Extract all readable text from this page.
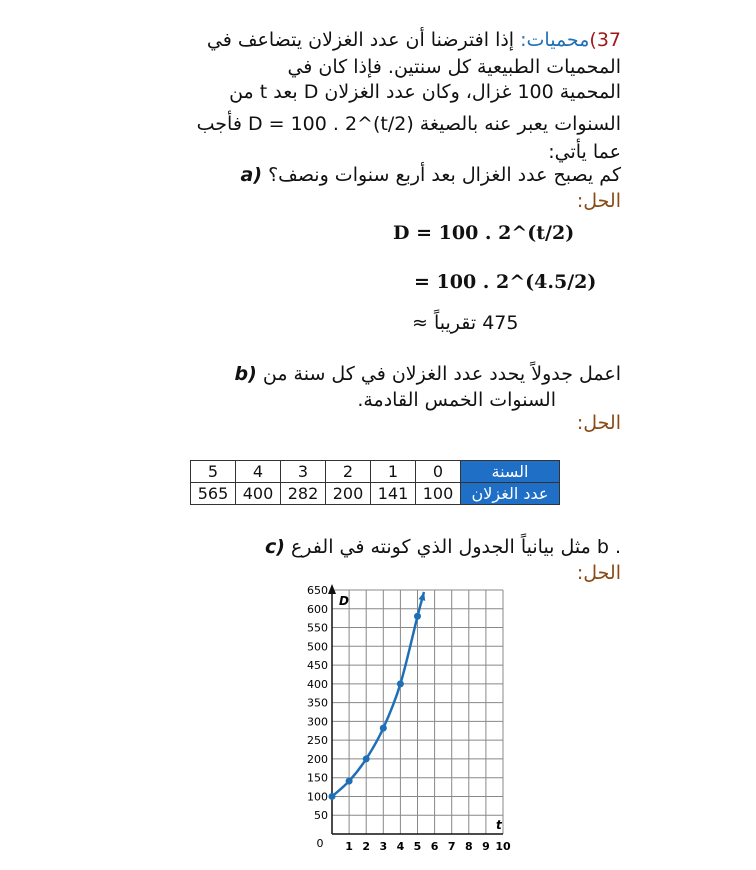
37)محميات: إذا افترضنا أن عدد الغزلان يتضاعف في
المحميات الطبيعية كل سنتين. فإذا كان في
المحمية 100 غزال، وكان عدد الغزلان D بعد t من
السنوات يعبر عنه بالصيغة D = 100 . 2^(t/2) فأجب
عما يأتي:
a) كم يصبح عدد الغزال بعد أربع سنوات ونصف؟
الحل:
D = 100 . 2^(t/2)
= 100 . 2^(4.5/2)
475 تقريباً ≈
b) اعمل جدولاً يحدد عدد الغزلان في كل سنة من
السنوات الخمس القادمة.
الحل:
السنة	0	1	2	3	4	5
عدد الغزلان	100	141	200	282	400	565
c) مثل بيانياً الجدول الذي كونته في الفرع b .
الحل:
50
100
150
200
250
300
350
400
450
500
550
600
650
1 2 3 4 5 6 7 8 9 10
0
D
t
